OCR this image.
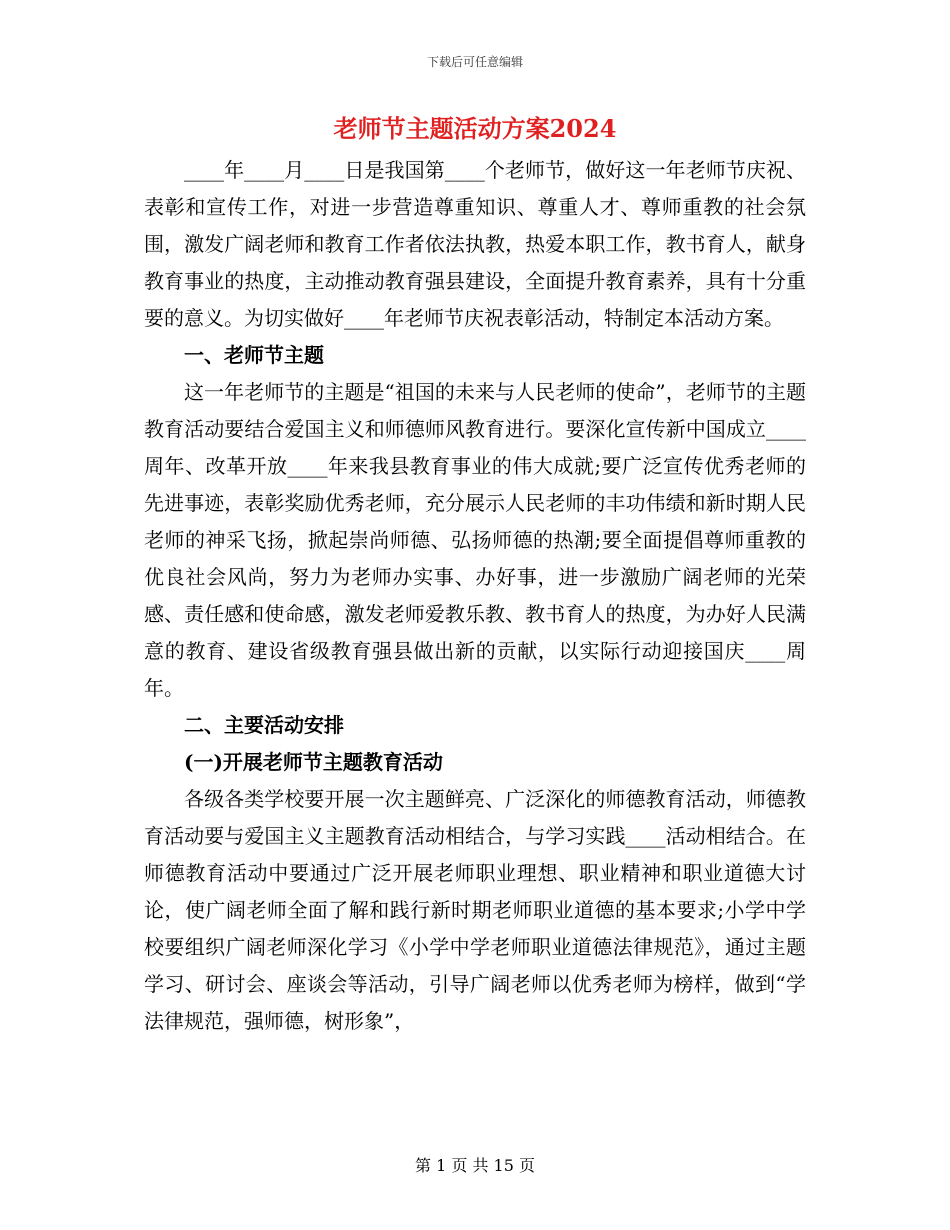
下载后可任意编辑
老师节主题活动方案2024

____年____月____日是我国第____个老师节，做好这一年老师节庆祝、表彰和宣传工作，对进一步营造尊重知识、尊重人才、尊师重教的社会氛围，激发广阔老师和教育工作者依法执教，热爱本职工作，教书育人，献身教育事业的热度，主动推动教育强县建设，全面提升教育素养，具有十分重要的意义。为切实做好____年老师节庆祝表彰活动，特制定本活动方案。

一、老师节主题

这一年老师节的主题是“祖国的未来与人民老师的使命”，老师节的主题教育活动要结合爱国主义和师德师风教育进行。要深化宣传新中国成立____周年、改革开放____年来我县教育事业的伟大成就;要广泛宣传优秀老师的先进事迹，表彰奖励优秀老师，充分展示人民老师的丰功伟绩和新时期人民老师的神采飞扬，掀起崇尚师德、弘扬师德的热潮;要全面提倡尊师重教的优良社会风尚，努力为老师办实事、办好事，进一步激励广阔老师的光荣感、责任感和使命感，激发老师爱教乐教、教书育人的热度，为办好人民满意的教育、建设省级教育强县做出新的贡献，以实际行动迎接国庆____周年。

二、主要活动安排
(一)开展老师节主题教育活动

各级各类学校要开展一次主题鲜亮、广泛深化的师德教育活动，师德教育活动要与爱国主义主题教育活动相结合，与学习实践____活动相结合。在师德教育活动中要通过广泛开展老师职业理想、职业精神和职业道德大讨论，使广阔老师全面了解和践行新时期老师职业道德的基本要求;小学中学校要组织广阔老师深化学习《小学中学老师职业道德法律规范》，通过主题学习、研讨会、座谈会等活动，引导广阔老师以优秀老师为榜样，做到“学法律规范，强师德，树形象”，

第 1 页 共 15 页
